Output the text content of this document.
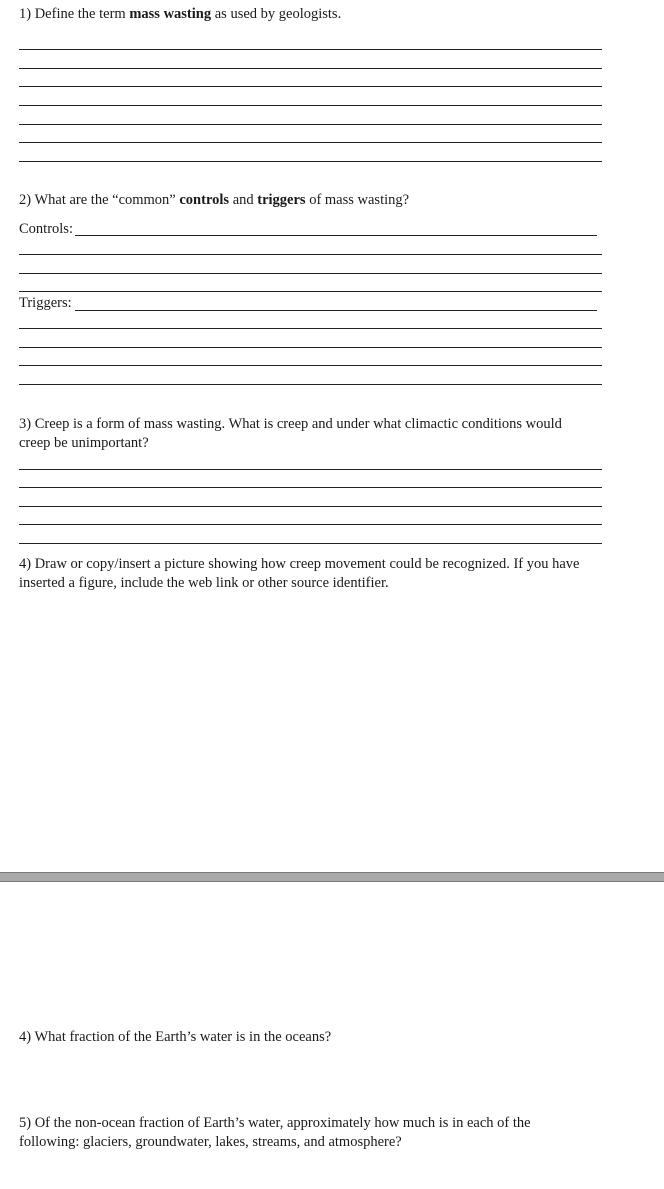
1) Define the term mass wasting as used by geologists.

2) What are the “common” controls and triggers of mass wasting?

Controls:
Triggers:

3) Creep is a form of mass wasting. What is creep and under what climactic conditions would creep be unimportant?

4) Draw or copy/insert a picture showing how creep movement could be recognized. If you have inserted a figure, include the web link or other source identifier.

4) What fraction of the Earth’s water is in the oceans?

5) Of the non-ocean fraction of Earth’s water, approximately how much is in each of the following: glaciers, groundwater, lakes, streams, and atmosphere?
